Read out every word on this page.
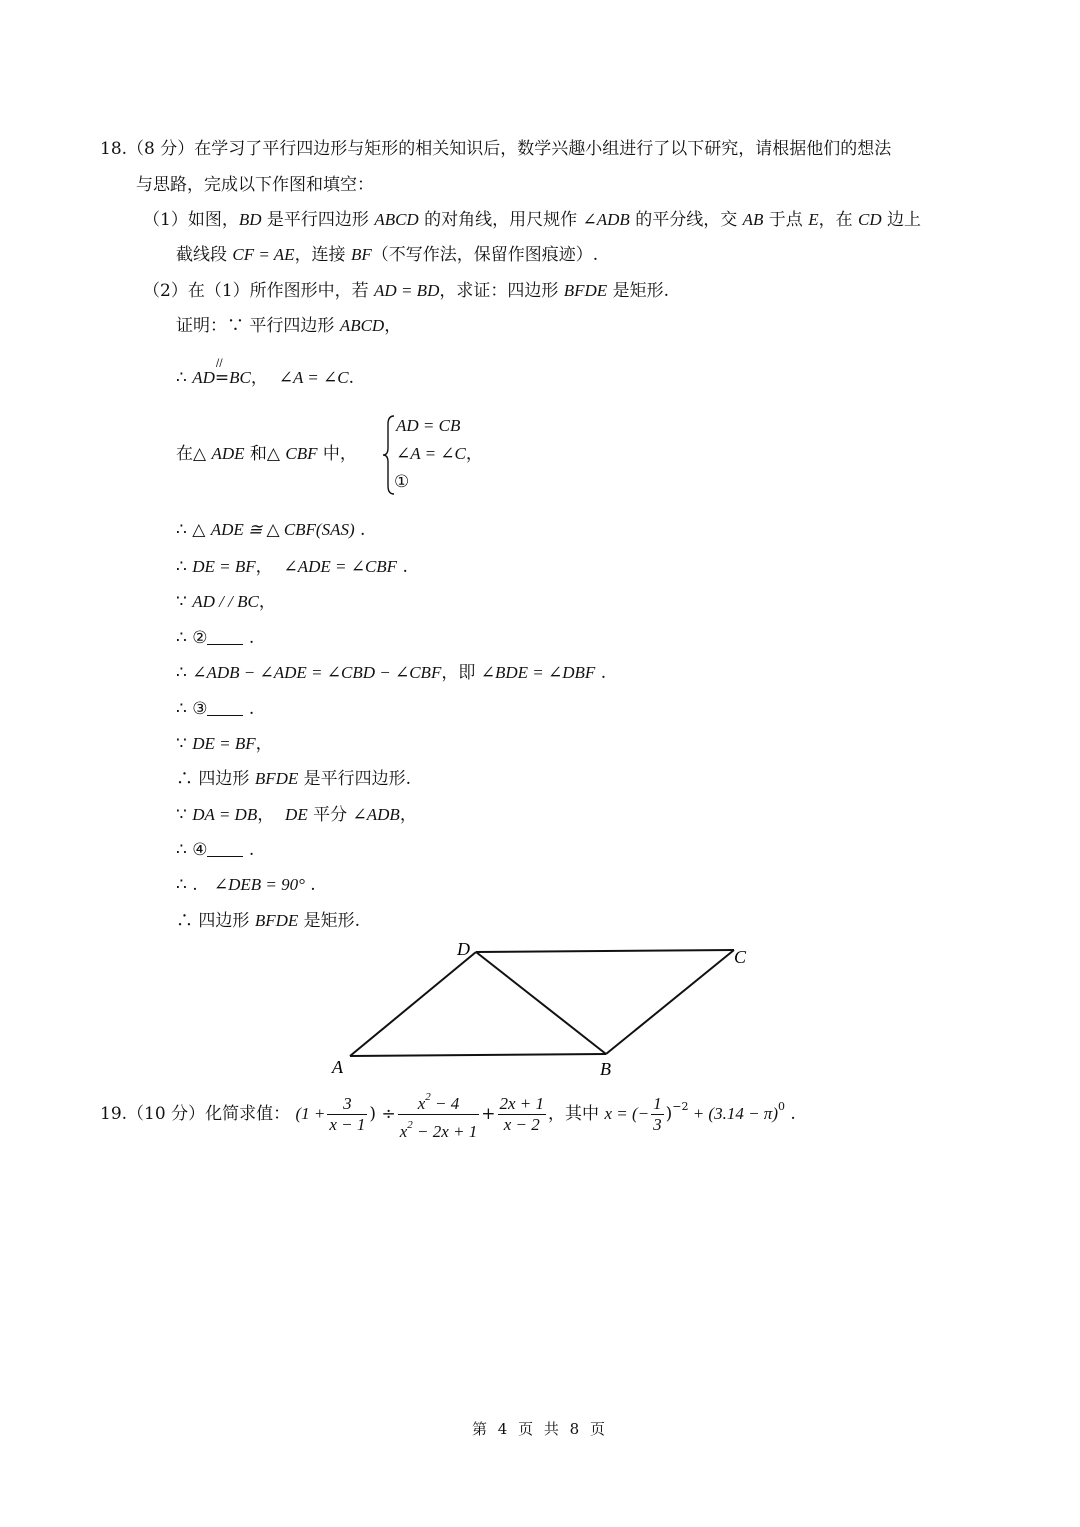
18.（8 分）在学习了平行四边形与矩形的相关知识后，数学兴趣小组进行了以下研究，请根据他们的想法
与思路，完成以下作图和填空：
（1）如图，BD 是平行四边形 ABCD 的对角线，用尺规作 ∠ADB 的平分线，交 AB 于点 E，在 CD 边上
截线段 CF = AE，连接 BF（不写作法，保留作图痕迹）.
（2）在（1）所作图形中，若 AD = BD，求证：四边形 BFDE 是矩形.
证明：∵ 平行四边形 ABCD，
∴ AD
//
=BC， ∠A = ∠C.
在△ ADE 和△ CBF 中，
AD = CB
∠A = ∠C，
①
∴ △ ADE ≅ △ CBF(SAS) .
∴ DE = BF， ∠ADE = ∠CBF .
∵ AD / / BC，
∴ ② .
∴ ∠ADB − ∠ADE = ∠CBD − ∠CBF，即 ∠BDE = ∠DBF .
∴ ③ .
∵ DE = BF，
∴ 四边形 BFDE 是平行四边形.
∵ DA = DB， DE 平分 ∠ADB，
∴ ④ .
∴ .   ∠DEB = 90° .
∴ 四边形 BFDE 是矩形.
A	B
C
D
19.（10 分）化简求值： ($1 + \frac{3}{x - 1}$ ) ÷ $\frac{x^2 - 4}{x^2 - 2x + 1} + \frac{2x + 1}{x - 2}$ ，其中 x = (− $\frac{1}{3} )^{-2} + (3.14 - \pi)^0$ .
第 4 页 共 8 页
